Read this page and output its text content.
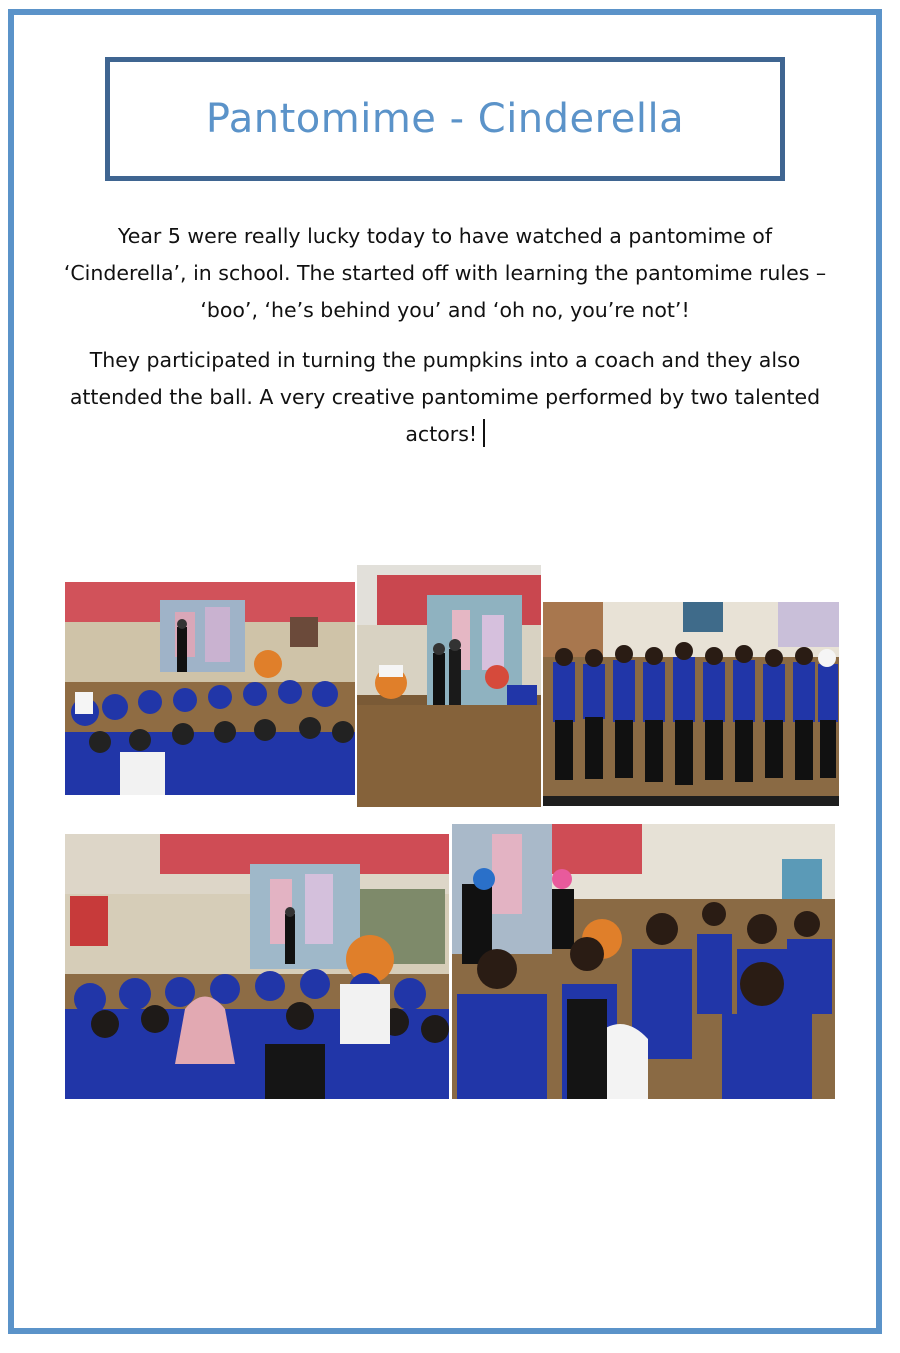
Pantomime - Cinderella

Year 5 were really lucky today to have watched a pantomime of ‘Cinderella’, in school. The started off with learning the pantomime rules – ‘boo’, ‘he’s behind you’ and ‘oh no, you’re not’!

They participated in turning the pumpkins into a coach and they also attended the ball. A very creative pantomime performed by two talented actors!
